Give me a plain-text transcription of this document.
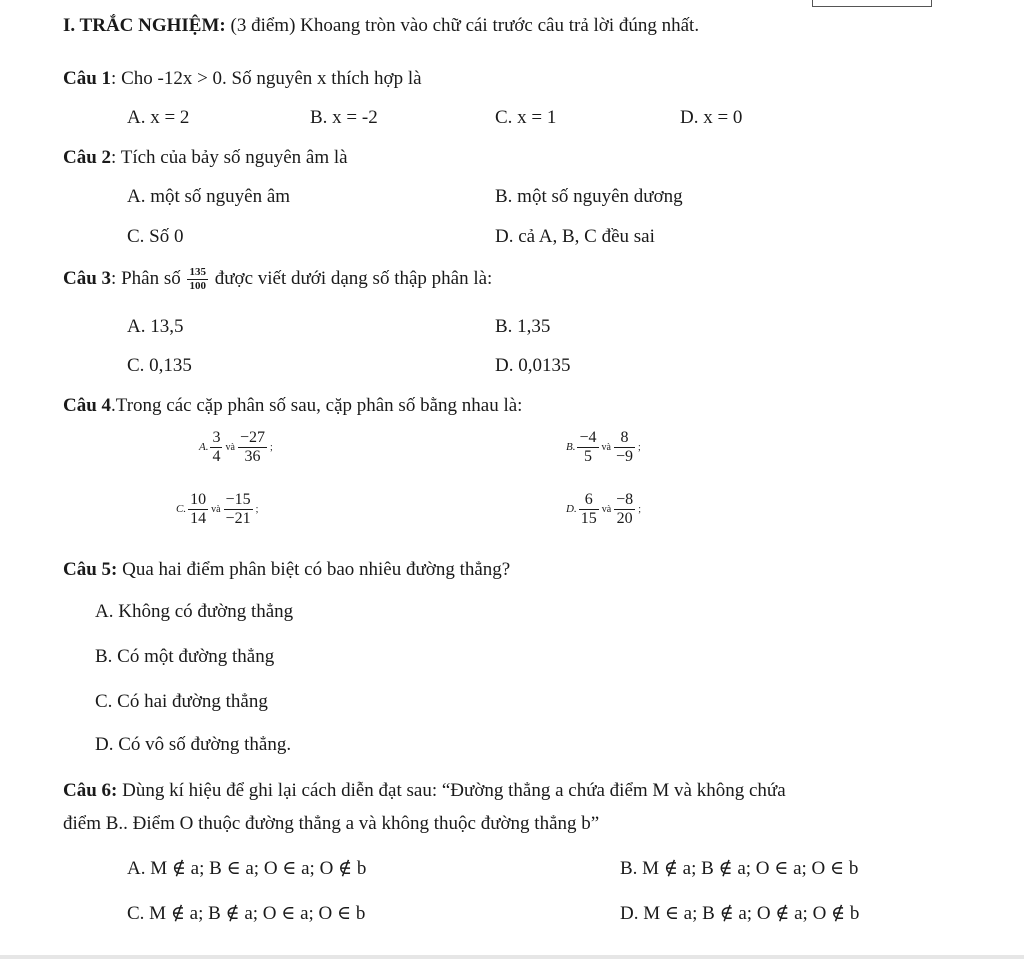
I. TRẮC NGHIỆM: (3 điểm) Khoang tròn vào chữ cái trước câu trả lời đúng nhất.
Câu 1: Cho -12x > 0. Số nguyên x thích hợp là
A. x = 2	B. x = -2	C. x = 1	D. x = 0
Câu 2: Tích của bảy số nguyên âm là
A. một số nguyên âm	B. một số nguyên dương
C. Số 0	D. cả A, B, C đều sai
Câu 3: Phân số $\frac{135}{100}$ được viết dưới dạng số thập phân là:
A. 13,5	B. 1,35
C. 0,135	D. 0,0135
Câu 4.Trong các cặp phân số sau, cặp phân số bằng nhau là:
A. $\frac{3}{4}$ và $\frac{-27}{36}$ ;	B. $\frac{-4}{5}$ và $\frac{8}{-9}$ ;
C. $\frac{10}{14}$ và $\frac{-15}{-21}$ ;	D. $\frac{6}{15}$ và $\frac{-8}{20}$ ;
Câu 5: Qua hai điểm phân biệt có bao nhiêu đường thẳng?
A. Không có đường thẳng
B. Có một đường thẳng
C. Có hai đường thẳng
D. Có vô số đường thẳng.
Câu 6: Dùng kí hiệu để ghi lại cách diễn đạt sau: “Đường thẳng a chứa điểm M và không chứa
điểm B.. Điểm O thuộc đường thẳng a và không thuộc đường thẳng b”
A. M ∉ a; B ∈ a; O ∈ a; O ∉ b	B. M ∉ a; B ∉ a; O ∈ a; O ∈ b
C. M ∉ a; B ∉ a; O ∈ a; O ∈ b	D. M ∈ a; B ∉ a; O ∉ a; O ∉ b
